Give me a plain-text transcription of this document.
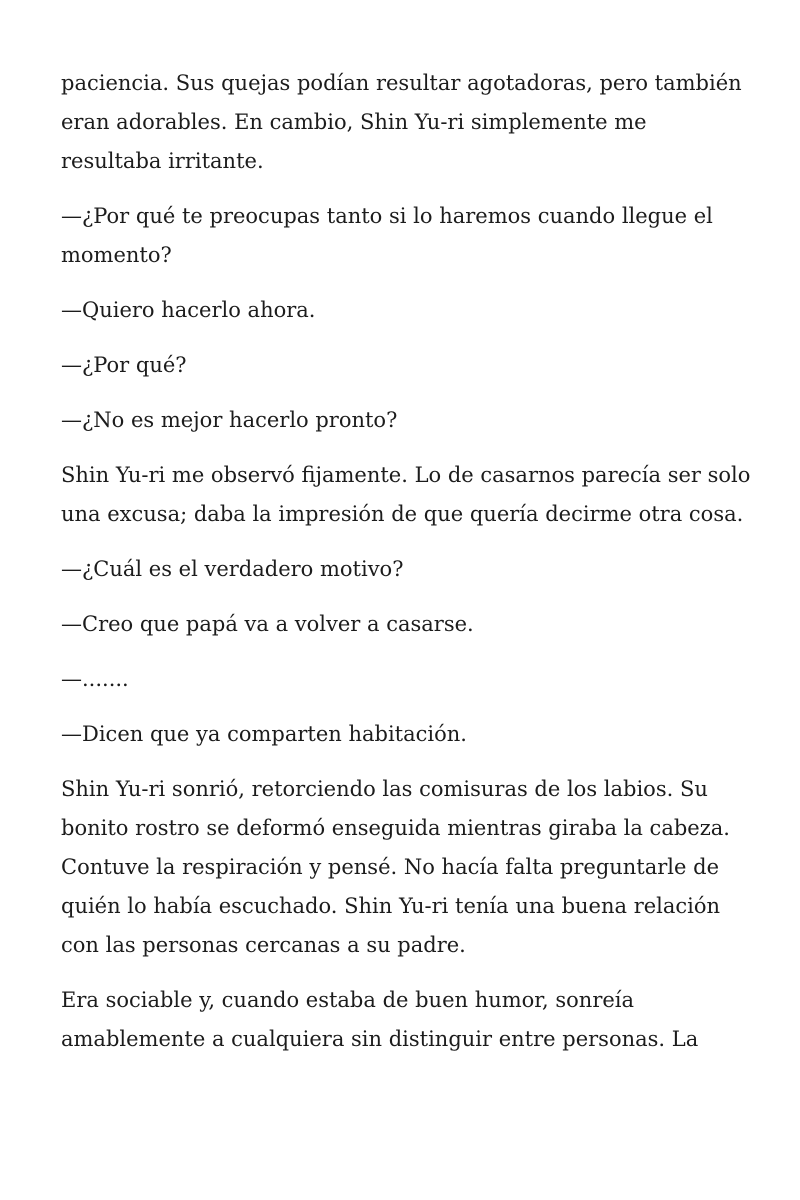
paciencia. Sus quejas podían resultar agotadoras, pero también eran adorables. En cambio, Shin Yu-ri simplemente me resultaba irritante.

—¿Por qué te preocupas tanto si lo haremos cuando llegue el momento?

—Quiero hacerlo ahora.

—¿Por qué?

—¿No es mejor hacerlo pronto?

Shin Yu-ri me observó fijamente. Lo de casarnos parecía ser solo una excusa; daba la impresión de que quería decirme otra cosa.

—¿Cuál es el verdadero motivo?

—Creo que papá va a volver a casarse.

—.......

—Dicen que ya comparten habitación.

Shin Yu-ri sonrió, retorciendo las comisuras de los labios. Su bonito rostro se deformó enseguida mientras giraba la cabeza. Contuve la respiración y pensé. No hacía falta preguntarle de quién lo había escuchado. Shin Yu-ri tenía una buena relación con las personas cercanas a su padre.

Era sociable y, cuando estaba de buen humor, sonreía amablemente a cualquiera sin distinguir entre personas. La
